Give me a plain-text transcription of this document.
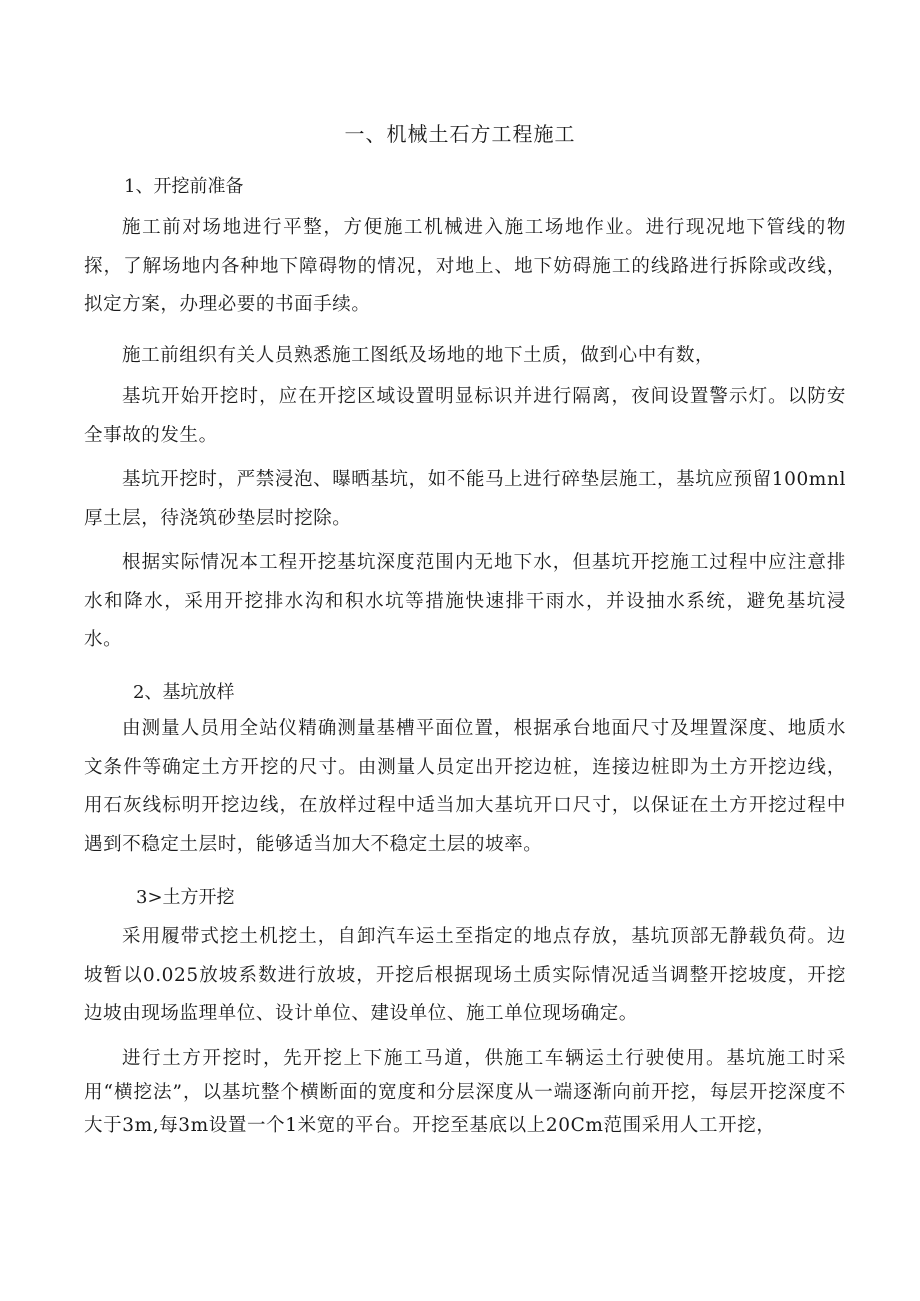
一、机械土石方工程施工
1、开挖前准备
施工前对场地进行平整，方便施工机械进入施工场地作业。进行现况地下管线的物探，了解场地内各种地下障碍物的情况，对地上、地下妨碍施工的线路进行拆除或改线，拟定方案，办理必要的书面手续。
施工前组织有关人员熟悉施工图纸及场地的地下土质，做到心中有数，
基坑开始开挖时，应在开挖区域设置明显标识并进行隔离，夜间设置警示灯。以防安全事故的发生。
基坑开挖时，严禁浸泡、曝晒基坑，如不能马上进行碎垫层施工，基坑应预留100mnl厚土层，待浇筑砂垫层时挖除。
根据实际情况本工程开挖基坑深度范围内无地下水，但基坑开挖施工过程中应注意排水和降水，采用开挖排水沟和积水坑等措施快速排干雨水，并设抽水系统，避免基坑浸水。
2、基坑放样
由测量人员用全站仪精确测量基槽平面位置，根据承台地面尺寸及埋置深度、地质水文条件等确定土方开挖的尺寸。由测量人员定出开挖边桩，连接边桩即为土方开挖边线，用石灰线标明开挖边线，在放样过程中适当加大基坑开口尺寸，以保证在土方开挖过程中遇到不稳定土层时，能够适当加大不稳定土层的坡率。
3>土方开挖
采用履带式挖土机挖土，自卸汽车运土至指定的地点存放，基坑顶部无静载负荷。边坡暂以0.025放坡系数进行放坡，开挖后根据现场土质实际情况适当调整开挖坡度，开挖边坡由现场监理单位、设计单位、建设单位、施工单位现场确定。
进行土方开挖时，先开挖上下施工马道，供施工车辆运土行驶使用。基坑施工时采用“横挖法”，以基坑整个横断面的宽度和分层深度从一端逐渐向前开挖，每层开挖深度不大于3m,每3m设置一个1米宽的平台。开挖至基底以上20Cm范围采用人工开挖，
